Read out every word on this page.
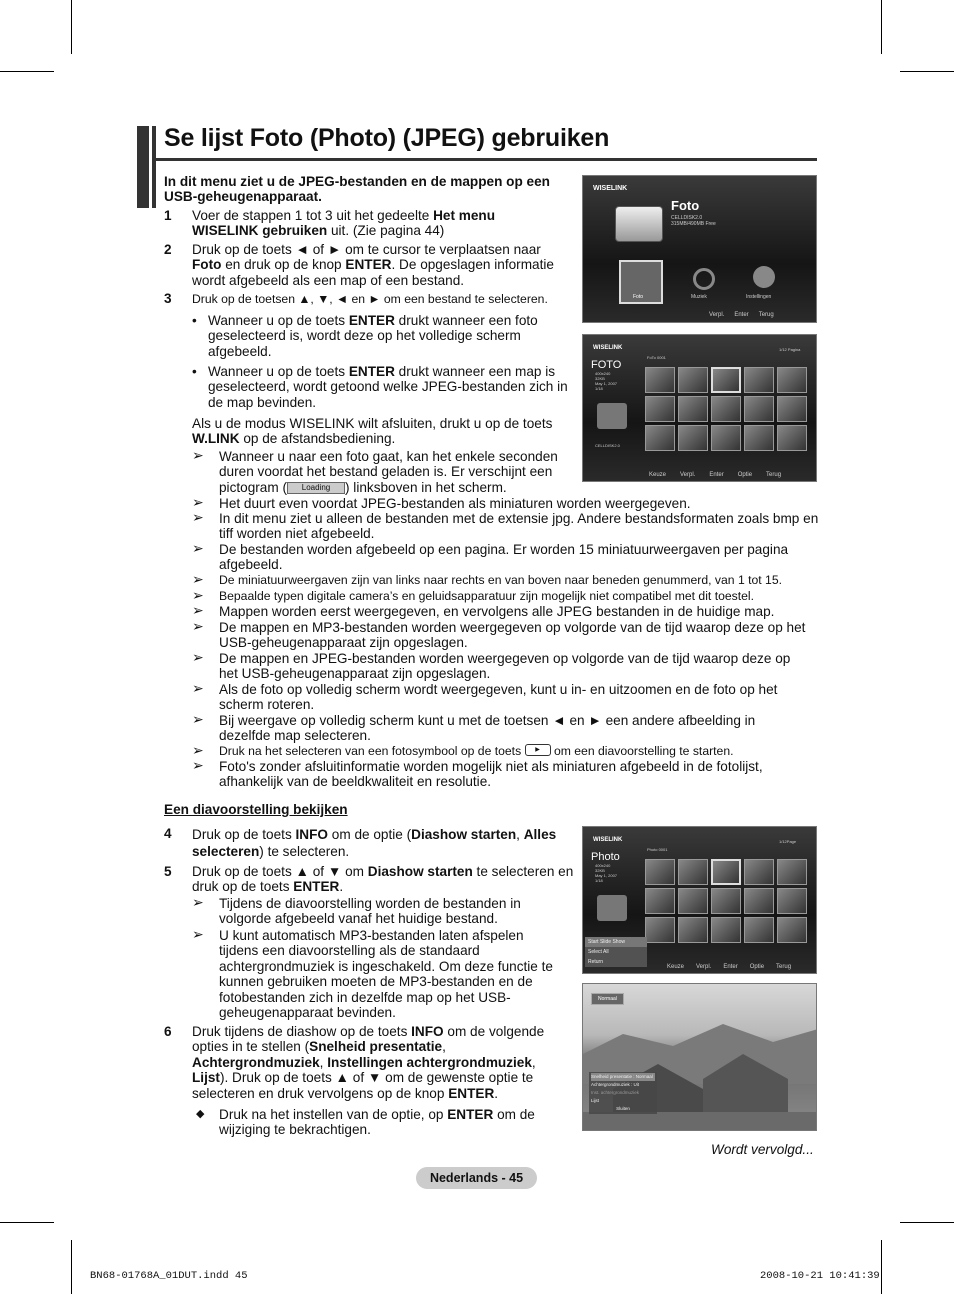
Se lijst Foto (Photo) (JPEG) gebruiken
In dit menu ziet u de JPEG-bestanden en de mappen op een USB-geheugenapparaat.
1 Voer de stappen 1 tot 3 uit het gedeelte Het menu WISELINK gebruiken uit. (Zie pagina 44)
2 Druk op de toets ◄ of ► om te cursor te verplaatsen naar Foto en druk op de knop ENTER. De opgeslagen informatie wordt afgebeeld als een map of een bestand.
3 Druk op de toetsen ▲, ▼, ◄ en ► om een bestand te selecteren.
• Wanneer u op de toets ENTER drukt wanneer een foto geselecteerd is, wordt deze op het volledige scherm afgebeeld.
• Wanneer u op de toets ENTER drukt wanneer een map is geselecteerd, wordt getoond welke JPEG-bestanden zich in de map bevinden.
Als u de modus WISELINK wilt afsluiten, drukt u op de toets W.LINK op de afstandsbediening.
➢ Wanneer u naar een foto gaat, kan het enkele seconden duren voordat het bestand geladen is. Er verschijnt een pictogram ( Loading ) linksboven in het scherm.
➢ Het duurt even voordat JPEG-bestanden als miniaturen worden weergegeven.
➢ In dit menu ziet u alleen de bestanden met de extensie jpg. Andere bestandsformaten zoals bmp en tiff worden niet afgebeeld.
➢ De bestanden worden afgebeeld op een pagina. Er worden 15 miniatuurweergaven per pagina afgebeeld.
➢ De miniatuurweergaven zijn van links naar rechts en van boven naar beneden genummerd, van 1 tot 15.
➢ Bepaalde typen digitale camera’s en geluidsapparatuur zijn mogelijk niet compatibel met dit toestel.
➢ Mappen worden eerst weergegeven, en vervolgens alle JPEG bestanden in de huidige map.
➢ De mappen en MP3-bestanden worden weergegeven op volgorde van de tijd waarop deze op het USB-geheugenapparaat zijn opgeslagen.
➢ De mappen en JPEG-bestanden worden weergegeven op volgorde van de tijd waarop deze op het USB-geheugenapparaat zijn opgeslagen.
➢ Als de foto op volledig scherm wordt weergegeven, kunt u in- en uitzoomen en de foto op het scherm roteren.
➢ Bij weergave op volledig scherm kunt u met de toetsen ◄ en ► een andere afbeelding in dezelfde map selecteren.
➢ Druk na het selecteren van een fotosymbool op de toets ▶ om een diavoorstelling te starten.
➢ Foto's zonder afsluitinformatie worden mogelijk niet als miniaturen afgebeeld in de fotolijst, afhankelijk van de beeldkwaliteit en resolutie.
Een diavoorstelling bekijken
4 Druk op de toets INFO om de optie (Diashow starten, Alles selecteren) te selecteren.
5 Druk op de toets ▲ of ▼ om Diashow starten te selecteren en druk op de toets ENTER.
➢ Tijdens de diavoorstelling worden de bestanden in volgorde afgebeeld vanaf het huidige bestand.
➢ U kunt automatisch MP3-bestanden laten afspelen tijdens een diavoorstelling als de standaard achtergrondmuziek is ingeschakeld. Om deze functie te kunnen gebruiken moeten de MP3-bestanden en de fotobestanden zich in dezelfde map op het USB-geheugenapparaat bevinden.
6 Druk tijdens de diashow op de toets INFO om de volgende opties in te stellen (Snelheid presentatie, Achtergrondmuziek, Instellingen achtergrondmuziek, Lijst). Druk op de toets ▲ of ▼ om de gewenste optie te selecteren en druk vervolgens op de knop ENTER.
◆ Druk na het instellen van de optie, op ENTER om de wijziging te bekrachtigen.
Wordt vervolgd...
WISELINK
Foto
CELLDISK2.0
315MB/490MB Free
Foto	Muziek	Instellingen
Verpl. Enter Terug
WISELINK	1/12 Pagina
FOTO
400x240
32KB
May 1, 2007
1/18
CELLDISK2.0
FoTo 0001
Keuze Verpl. Enter Optie Terug
WISELINK	1/12Page
Photo
400x240
32KB
May 1, 2007
1/18
Photo 0001
Start Slide Show
Select All
Return
Keuze Verpl. Enter Optie Terug
Normaal
Snelheid presentatie : Normaal
Achtergrondmuziek : Uit
Inst. achtergrondmuziek
Lijst
Sluiten
Nederlands - 45
BN68-01768A_01DUT.indd 45	2008-10-21 10:41:39
